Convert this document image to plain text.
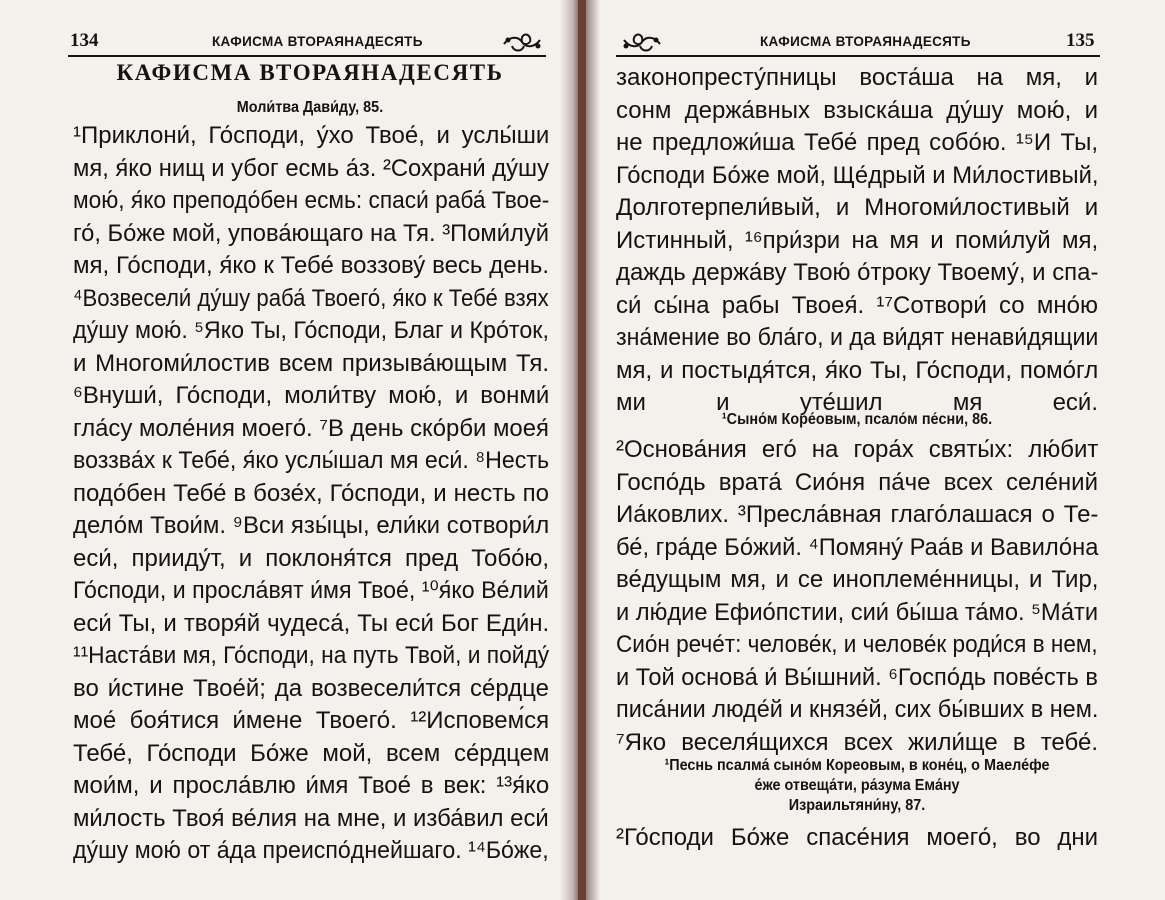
134	КАФИСМА ВТОРАЯНАДЕСЯТЬ
КАФИСМА ВТОРАЯНАДЕСЯТЬ
Моли́тва Дави́ду, 85.
¹Приклони́, Го́споди, у́хо Твое́, и услы́ши
мя, я́ко нищ и убог есмь а́з. ²Сохрани́ ду́шу
мою́, я́ко преподо́бен есмь: спаси́ раба́ Твое-
го́, Бо́же мой, упова́ющаго на Тя. ³Поми́луй
мя, Го́споди, я́ко к Тебе́ воззову́ весь день.
⁴Возвесели́ ду́шу раба́ Твоего́, я́ко к Тебе́ взях
ду́шу мою́. ⁵Яко Ты, Го́споди, Благ и Кро́ток,
и Многоми́лостив всем призыва́ющым Тя.
⁶Внуши́, Го́споди, моли́тву мою́, и вонми́
гла́су моле́ния моего́. ⁷В день ско́рби моея́
воззва́х к Тебе́, я́ко услы́шал мя еси́. ⁸Несть
подо́бен Тебе́ в бозе́х, Го́споди, и несть по
дело́м Твои́м. ⁹Вси язы́цы, ели́ки сотвори́л
еси́, прииду́т, и поклоня́тся пред Тобо́ю,
Го́споди, и просла́вят и́мя Твое́, ¹⁰я́ко Ве́лий
еси́ Ты, и творя́й чудеса́, Ты еси́ Бог Еди́н.
¹¹Наста́ви мя, Го́споди, на путь Твой, и пойду́
во и́стине Твое́й; да возвесели́тся се́рдце
мое́ боя́тися и́мене Твоего́. ¹²Исповем́ся
Тебе́, Го́споди Бо́же мой, всем се́рдцем
мои́м, и просла́влю и́мя Твое́ в век: ¹³я́ко
ми́лость Твоя́ ве́лия на мне, и изба́вил еси́
ду́шу мою́ от а́да преиспо́днейшаго. ¹⁴Бо́же,
КАФИСМА ВТОРАЯНАДЕСЯТЬ	135
законопресту́пницы воста́ша на мя, и
сонм держа́вных взыска́ша ду́шу мою́, и
не предложи́ша Тебе́ пред собо́ю. ¹⁵И Ты,
Го́споди Бо́же мой, Ще́дрый и Ми́лостивый,
Долготерпели́вый, и Многоми́лостивый и
Истинный, ¹⁶при́зри на мя и поми́луй мя,
даждь держа́ву Твою́ о́троку Твоему́, и спа-
си́ сы́на рабы Твоея́. ¹⁷Сотвори́ со мно́ю
зна́мение во бла́го, и да ви́дят ненави́дящии
мя, и постыдя́тся, я́ко Ты, Го́споди, помо́гл
ми и уте́шил мя еси́.
¹Сыно́м Коре́овым, псало́м пе́сни, 86.
²Основа́ния его́ на гора́х святы́х: лю́бит
Госпо́дь врата́ Сио́ня па́че всех селе́ний
Иа́ковлих. ³Пресла́вная глаго́лашася о Те-
бе́, гра́де Бо́жий. ⁴Помяну́ Раа́в и Вавило́на
ве́дущым мя, и се иноплеме́нницы, и Тир,
и лю́дие Ефио́пстии, сии́ бы́ша та́мо. ⁵Ма́ти
Сио́н рече́т: челове́к, и челове́к роди́ся в нем,
и Той основа́ и́ Вы́шний. ⁶Госпо́дь пове́сть в
писа́нии люде́й и князе́й, сих бы́вших в нем.
⁷Яко веселя́щихся всех жили́ще в тебе́.
¹Песнь псалма́ сыно́м Кореовым, в коне́ц, о Маеле́фе
е́же отвеща́ти, ра́зума Ема́ну
Израильтяни́ну, 87.
²Го́споди Бо́же спасе́ния моего́, во дни
